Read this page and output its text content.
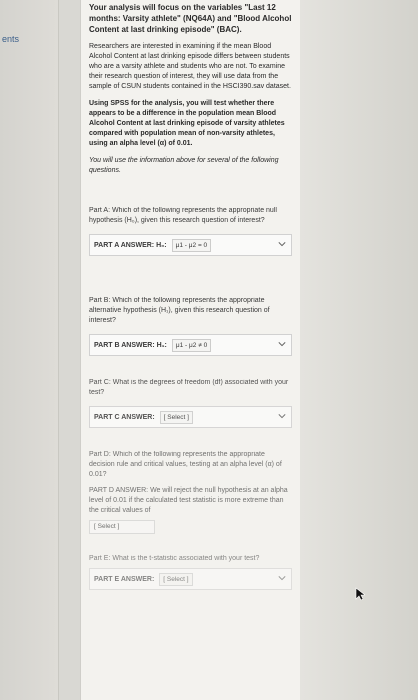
ents

Your analysis will focus on the variables "Last 12 months: Varsity athlete" (NQ64A) and "Blood Alcohol Content at last drinking episode" (BAC).

Researchers are interested in examining if the mean Blood Alcohol Content at last drinking episode differs between students who are a varsity athlete and students who are not. To examine their research question of interest, they will use data from the sample of CSUN students contained in the HSCI390.sav dataset.

Using SPSS for the analysis, you will test whether there appears to be a difference in the population mean Blood Alcohol Content at last drinking episode of varsity athletes compared with population mean of non-varsity athletes, using an alpha level (α) of 0.01.

You will use the information above for several of the following questions.

Part A: Which of the following represents the appropriate null hypothesis (H₀), given this research question of interest?

PART A ANSWER: H₀:	μ1 - μ2 = 0

Part B: Which of the following represents the appropriate alternative hypothesis (H₁), given this research question of interest?

PART B ANSWER: H₁:	μ1 - μ2 ≠ 0

Part C: What is the degrees of freedom (df) associated with your test?

PART C ANSWER:	[ Select ]

Part D: Which of the following represents the appropriate decision rule and critical values, testing at an alpha level (α) of 0.01?

PART D ANSWER: We will reject the null hypothesis at an alpha level of 0.01 if the calculated test statistic is more extreme than the critical values of

[ Select ]

Part E: What is the t-statistic associated with your test?

PART E ANSWER:	[ Select ]
